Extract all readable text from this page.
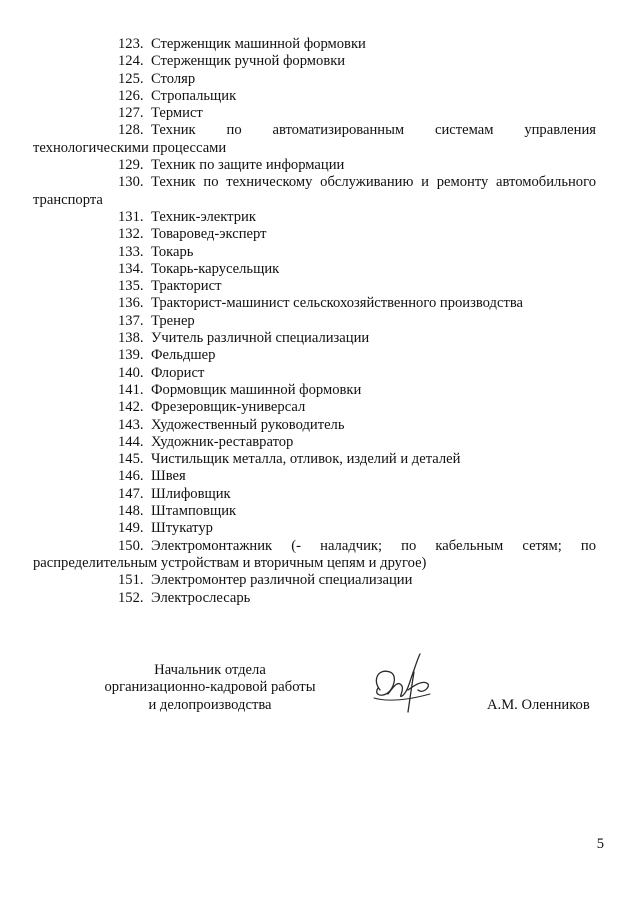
123. Стерженщик машинной формовки

124. Стерженщик ручной формовки

125. Столяр

126. Стропальщик

127. Термист

128. Техник по автоматизированным системам управления
технологическими процессами

129. Техник по защите информации

130. Техник по техническому обслуживанию и ремонту автомобильного
транспорта

131. Техник-электрик

132. Товаровед-эксперт

133. Токарь

134. Токарь-карусельщик

135. Тракторист

136. Тракторист-машинист сельскохозяйственного производства

137. Тренер

138. Учитель различной специализации

139. Фельдшер

140. Флорист

141. Формовщик машинной формовки

142. Фрезеровщик-универсал

143. Художественный руководитель

144. Художник-реставратор

145. Чистильщик металла, отливок, изделий и деталей

146. Швея

147. Шлифовщик

148. Штамповщик

149. Штукатур

150. Электромонтажник (- наладчик; по кабельным сетям; по
распределительным устройствам и вторичным цепям и другое)

151. Электромонтер различной специализации

152. Электрослесарь

Начальник отдела
организационно-кадровой работы
и делопроизводства	А.М. Оленников
5
